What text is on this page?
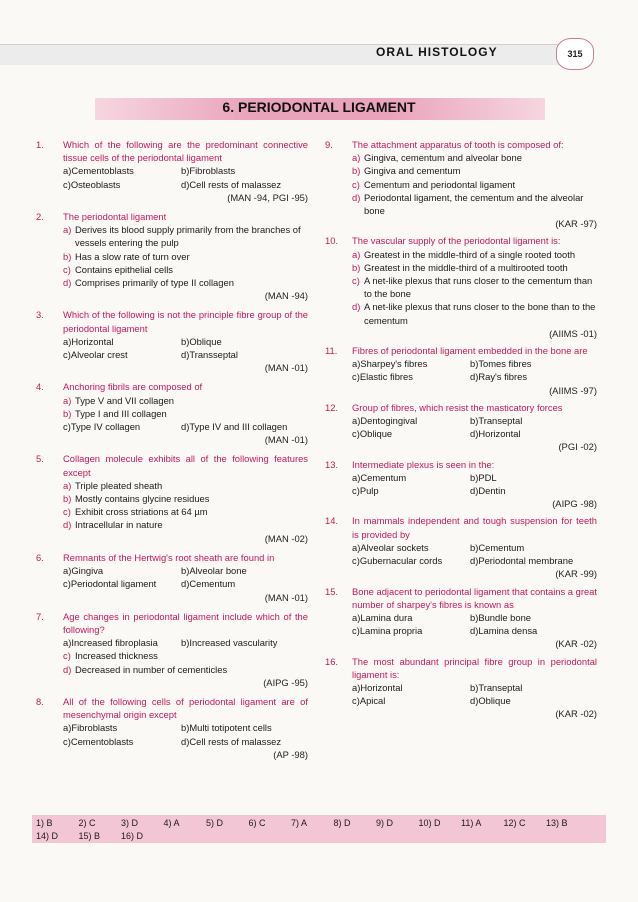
ORAL HISTOLOGY	315
6. PERIODONTAL LIGAMENT
1. Which of the following are the predominant connective tissue cells of the periodontal ligament
a) Cementoblasts	b) Fibroblasts
c) Osteoblasts	d) Cell rests of malassez
(MAN -94, PGI -95)
2. The periodontal ligament
a) Derives its blood supply primarily from the branches of vessels entering the pulp
b) Has a slow rate of turn over
c) Contains epithelial cells
d) Comprises primarily of type II collagen
(MAN -94)
3. Which of the following is not the principle fibre group of the periodontal ligament
a) Horizontal	b) Oblique
c) Alveolar crest	d) Transseptal
(MAN -01)
4. Anchoring fibrils are composed of
a) Type V and VII collagen
b) Type I and III collagen
c) Type IV collagen	d) Type IV and III collagen
(MAN -01)
5. Collagen molecule exhibits all of the following features except
a) Triple pleated sheath
b) Mostly contains glycine residues
c) Exhibit cross striations at 64 µm
d) Intracellular in nature
(MAN -02)
6. Remnants of the Hertwig's root sheath are found in
a) Gingiva	b) Alveolar bone
c) Periodontal ligament	d) Cementum
(MAN -01)
7. Age changes in periodontal ligament include which of the following?
a) Increased fibroplasia b) Increased vascularity
c) Increased thickness
d) Decreased in number of cementicles
(AIPG -95)
8. All of the following cells of periodontal ligament are of mesenchymal origin except
a) Fibroblasts	b) Multi totipotent cells
c) Cementoblasts	d) Cell rests of malassez
(AP -98)
9. The attachment apparatus of tooth is composed of:
a) Gingiva, cementum and alveolar bone
b) Gingiva and cementum
c) Cementum and periodontal ligament
d) Periodontal ligament, the cementum and the alveolar bone
(KAR -97)
10. The vascular supply of the periodontal ligament is:
a) Greatest in the middle-third of a single rooted tooth
b) Greatest in the middle-third of a multirooted tooth
c) A net-like plexus that runs closer to the cementum than to the bone
d) A net-like plexus that runs closer to the bone than to the cementum
(AIIMS -01)
11. Fibres of periodontal ligament embedded in the bone are
a) Sharpey's fibres	b) Tomes fibres
c) Elastic fibres	d) Ray's fibres
(AIIMS -97)
12. Group of fibres, which resist the masticatory forces
a) Dentogingival	b) Transeptal
c) Oblique	d) Horizontal
(PGI -02)
13. Intermediate plexus is seen in the:
a) Cementum	b) PDL
c) Pulp	d) Dentin
(AIPG -98)
14. In mammals independent and tough suspension for teeth is provided by
a) Alveolar sockets	b) Cementum
c) Gubernacular cords	d) Periodontal membrane
(KAR -99)
15. Bone adjacent to periodontal ligament that contains a great number of sharpey's fibres is known as
a) Lamina dura	b) Bundle bone
c) Lamina propria	d) Lamina densa
(KAR -02)
16. The most abundant principal fibre group in periodontal ligament is:
a) Horizontal	b) Transeptal
c) Apical	d) Oblique
(KAR -02)
1) B	2) C	3) D	4) A	5) D	6) C	7) A	8) D	9) D	10) D	11) A	12) C	13) B
14) D	15) B	16) D
